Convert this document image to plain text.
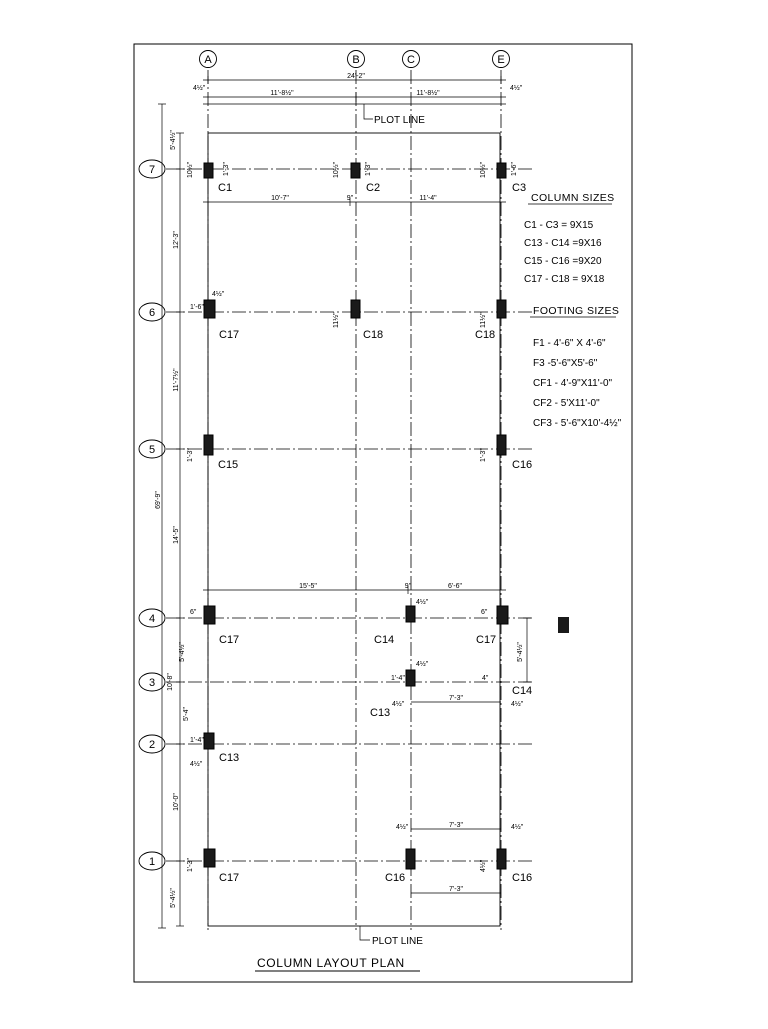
A	B	C	E
7
6
5
4
3
2
1
24'-2"
11'-8½"	11'-8½"
4½"	4½"
PLOT LINE
PLOT LINE
5'-4½"
12'-3"
11'-7½"
14'-5"
5'-4½"
10'-8"
5'-4"
10'-0"
5'-4½"
69'-9"
10'-7"	11'-4"
9"
15'-5"	6'-6"
9"
5'-4½"
7'-3"
7'-3"
7'-3"
C1	C2	C3
10½"	10½"	10½"
1'-3"	1'-3"	1'-6"
C17
1'-6"
4½"
C18
11½"
C18
11½"
C15
1'-3"
C16
1'-3"
C17
6"
C14
4½"
C17
6"
C13
1'-4"
4½"
4½"
C14
4"
4½"
C13
1'-4"
4½"
C17
1'-3"
C16
4½"
C16
4½"
4½"
COLUMN SIZES
C1 - C3 = 9X15
C13 - C14 =9X16
C15 - C16 =9X20
C17 - C18 = 9X18
FOOTING SIZES
F1 - 4'-6" X 4'-6"
F3 -5'-6"X5'-6"
CF1 - 4'-9"X11'-0"
CF2 - 5'X11'-0"
CF3 - 5'-6"X10'-4½"
COLUMN LAYOUT PLAN
